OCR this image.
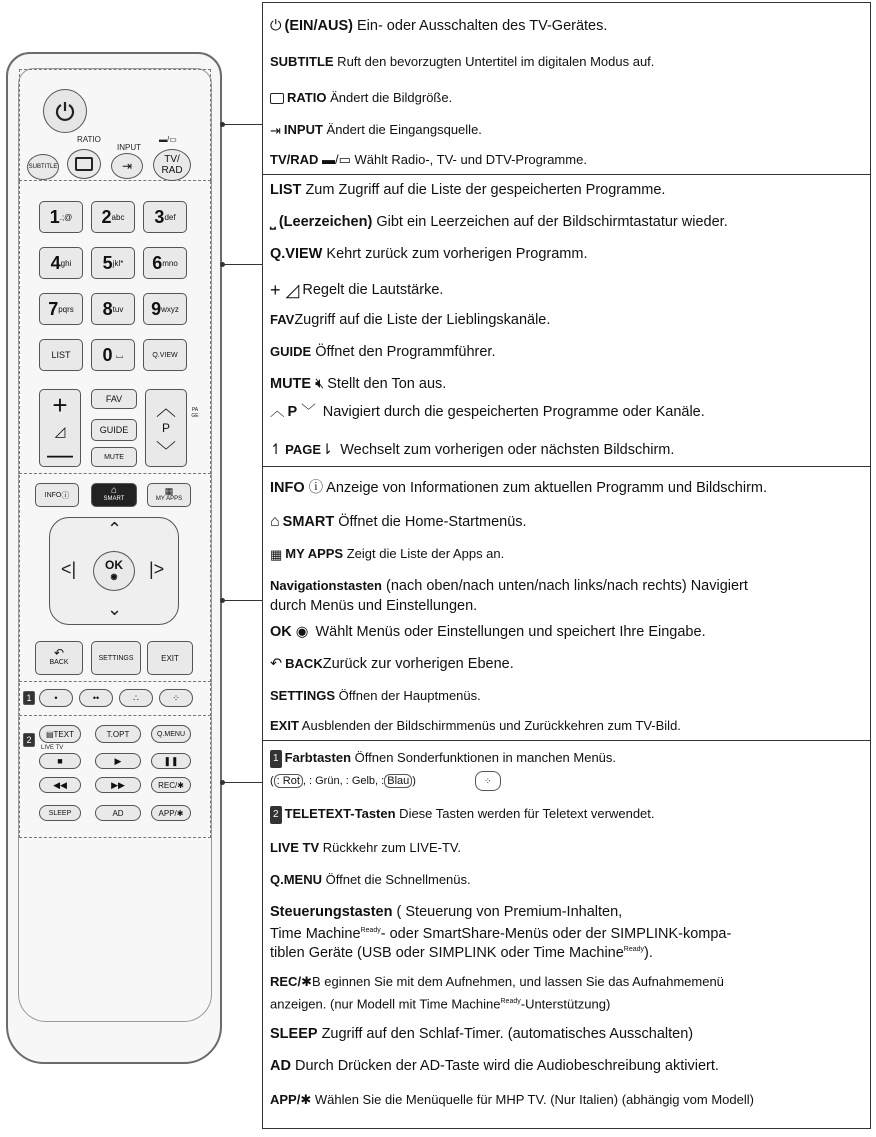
RATIO
INPUT
▬/▭
SUBTITLE	⇥	TV/
RAD
1 .;@ 2 abc 3 def
4 ghi 5 jkl* 6 mno
7 pqrs 8 tuv 9 wxyz
LIST	0 ⌴	Q.VIEW
+
◿
—
FAV
GUIDE
MUTE
︿
P
﹀
PAGE
INFO ⓘ	⌂
SMART
▦
MY APPS
⌃
⌄
<|	|>
OK
◉
↶
BACK
SETTINGS	EXIT
1	•	••	∴	⁘
2
▤ TEXT
LIVE TV
T.OPT	Q.MENU
■	▶	❚❚
◀◀	▶▶	REC/ ✱
SLEEP	AD	APP/ ✱
⏻ (EIN/AUS) Ein- oder Ausschalten des TV-Gerätes.
SUBTITLE Ruft den bevorzugten Untertitel im digitalen Modus auf.
RATIO Ändert die Bildgröße.
⇥ INPUT Ändert die Eingangsquelle.
TV/RAD ▬/▭ Wählt Radio-, TV- und DTV-Programme.
LIST Zum Zugriff auf die Liste der gespeicherten Programme.
⎵ (Leerzeichen) Gibt ein Leerzeichen auf der Bildschirmtastatur wieder.
Q.VIEW Kehrt zurück zum vorherigen Programm.
+ ◿ Regelt die Lautstärke.
FAVZugriff auf die Liste der Lieblingskanäle.
GUIDE Öffnet den Programmführer.
MUTE 🔇︎ Stellt den Ton aus.
︿ P ﹀ Navigiert durch die gespeicherten Programme oder Kanäle.
↿ PAGE⇂ Wechselt zum vorherigen oder nächsten Bildschirm.
INFO ⓘ Anzeige von Informationen zum aktuellen Programm und Bildschirm.
⌂ SMART Öffnet die Home-Startmenüs.
▦ MY APPS Zeigt die Liste der Apps an.
Navigationstasten (nach oben/nach unten/nach links/nach rechts) Navigiert
durch Menüs und Einstellungen.
OK ◉ Wählt Menüs oder Einstellungen und speichert Ihre Eingabe.
↶ BACKZurück zur vorherigen Ebene.
SETTINGS Öffnen der Hauptmenüs.
EXIT Ausblenden der Bildschirmmenüs und Zurückkehren zum TV-Bild.
1 Farbtasten Öffnen Sonderfunktionen in manchen Menüs.
( : Rot , : Grün, : Gelb, : Blau )	⁘
2 TELETEXT-Tasten Diese Tasten werden für Teletext verwendet.
LIVE TV Rückkehr zum LIVE-TV.
Q.MENU Öffnet die Schnellmenüs.
Steuerungstasten ( Steuerung von Premium-Inhalten,
Time Machine$^{Ready}$- oder SmartShare-Menüs oder der SIMPLINK-kompa-
tiblen Geräte (USB oder SIMPLINK oder Time Machine$^{Ready}$).
REC/✱B eginnen Sie mit dem Aufnehmen, und lassen Sie das Aufnahmemenü
anzeigen. (nur Modell mit Time Machine$^{Ready}$-Unterstützung)
SLEEP Zugriff auf den Schlaf-Timer. (automatisches Ausschalten)
AD Durch Drücken der AD-Taste wird die Audiobeschreibung aktiviert.
APP/✱ Wählen Sie die Menüquelle für MHP TV. (Nur Italien) (abhängig vom Modell)
